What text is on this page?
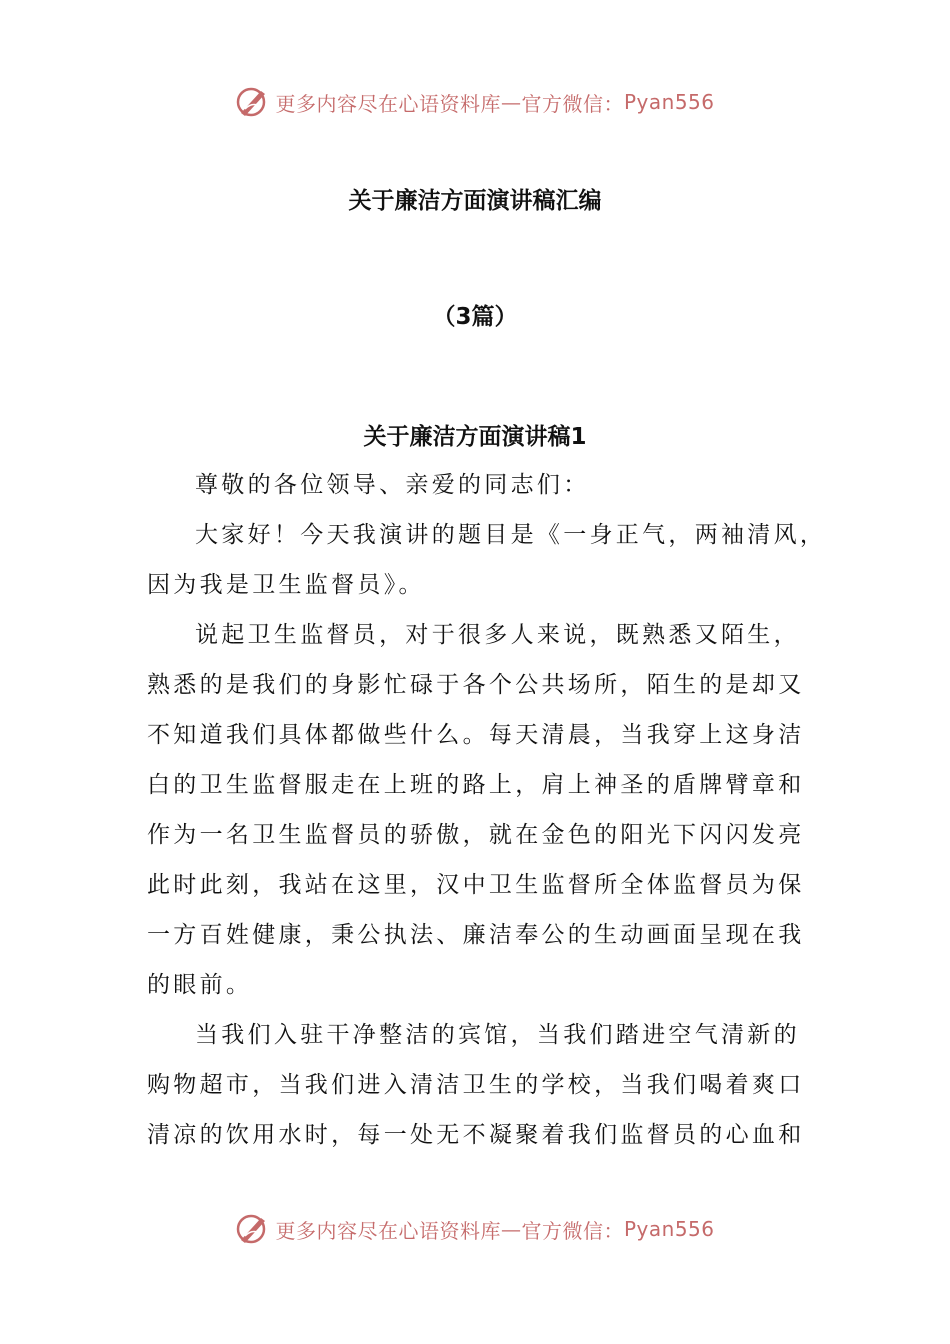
更多内容尽在心语资料库 — 官方微信： Pyan556
关于廉洁方面演讲稿汇编
（3篇）
关于廉洁方面演讲稿1
尊敬的各位领导、亲爱的同志们：
大家好！今天我演讲的题目是《一身正气，两袖清风，
因为我是卫生监督员》。
说起卫生监督员，对于很多人来说，既熟悉又陌生，
熟悉的是我们的身影忙碌于各个公共场所，陌生的是却又
不知道我们具体都做些什么。每天清晨，当我穿上这身洁
白的卫生监督服走在上班的路上，肩上神圣的盾牌臂章和
作为一名卫生监督员的骄傲，就在金色的阳光下闪闪发亮
此时此刻，我站在这里，汉中卫生监督所全体监督员为保
一方百姓健康，秉公执法、廉洁奉公的生动画面呈现在我
的眼前。
当我们入驻干净整洁的宾馆，当我们踏进空气清新的
购物超市，当我们进入清洁卫生的学校，当我们喝着爽口
清凉的饮用水时，每一处无不凝聚着我们监督员的心血和
更多内容尽在心语资料库 — 官方微信： Pyan556
